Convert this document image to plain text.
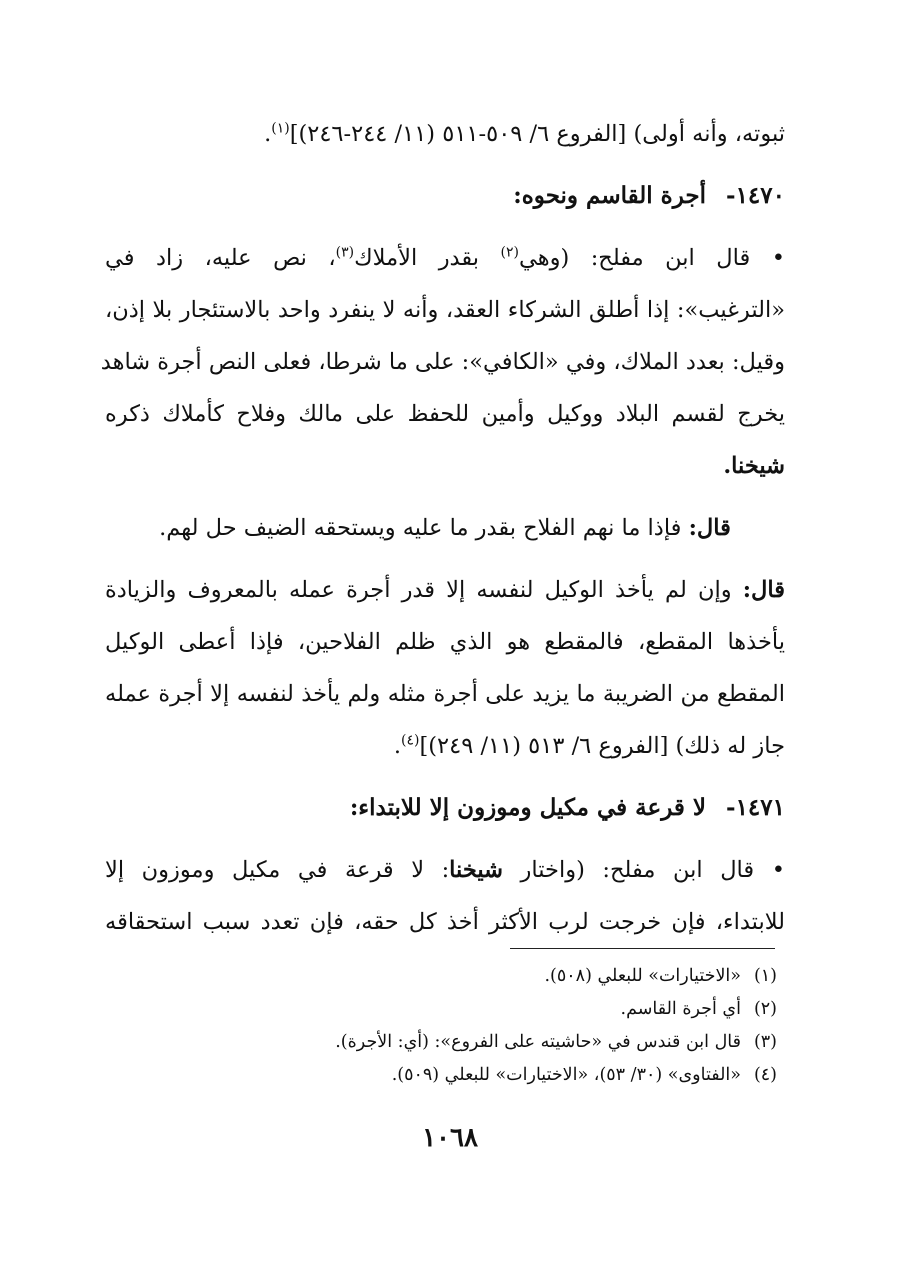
ثبوته، وأنه أولى) [الفروع ٦/ ٥٠٩-٥١١ (١١/ ٢٤٤-٢٤٦)]$^{(١)}$.
١٤٧٠-أجرة القاسم ونحوه:
• قال ابن مفلح: (وهي$^{(٢)}$ بقدر الأملاك$^{(٣)}$، نص عليه، زاد في
«الترغيب»: إذا أطلق الشركاء العقد، وأنه لا ينفرد واحد بالاستئجار بلا إذن،
وقيل: بعدد الملاك، وفي «الكافي»: على ما شرطا، فعلى النص أجرة شاهد
يخرج لقسم البلاد ووكيل وأمين للحفظ على مالك وفلاح كأملاك ذكره
شيخنا.
قال: فإذا ما نهم الفلاح بقدر ما عليه ويستحقه الضيف حل لهم.
قال: وإن لم يأخذ الوكيل لنفسه إلا قدر أجرة عمله بالمعروف والزيادة
يأخذها المقطع، فالمقطع هو الذي ظلم الفلاحين، فإذا أعطى الوكيل
المقطع من الضريبة ما يزيد على أجرة مثله ولم يأخذ لنفسه إلا أجرة عمله
جاز له ذلك) [الفروع ٦/ ٥١٣ (١١/ ٢٤٩)]$^{(٤)}$.
١٤٧١-لا قرعة في مكيل وموزون إلا للابتداء:
• قال ابن مفلح: (واختار شيخنا: لا قرعة في مكيل وموزون إلا
للابتداء، فإن خرجت لرب الأكثر أخذ كل حقه، فإن تعدد سبب استحقاقه
(١)«الاختيارات» للبعلي (٥٠٨).
(٢)أي أجرة القاسم.
(٣)قال ابن قندس في «حاشيته على الفروع»: (أي: الأجرة).
(٤)«الفتاوى» (٣٠/ ٥٣)، «الاختيارات» للبعلي (٥٠٩).
١٠٦٨
